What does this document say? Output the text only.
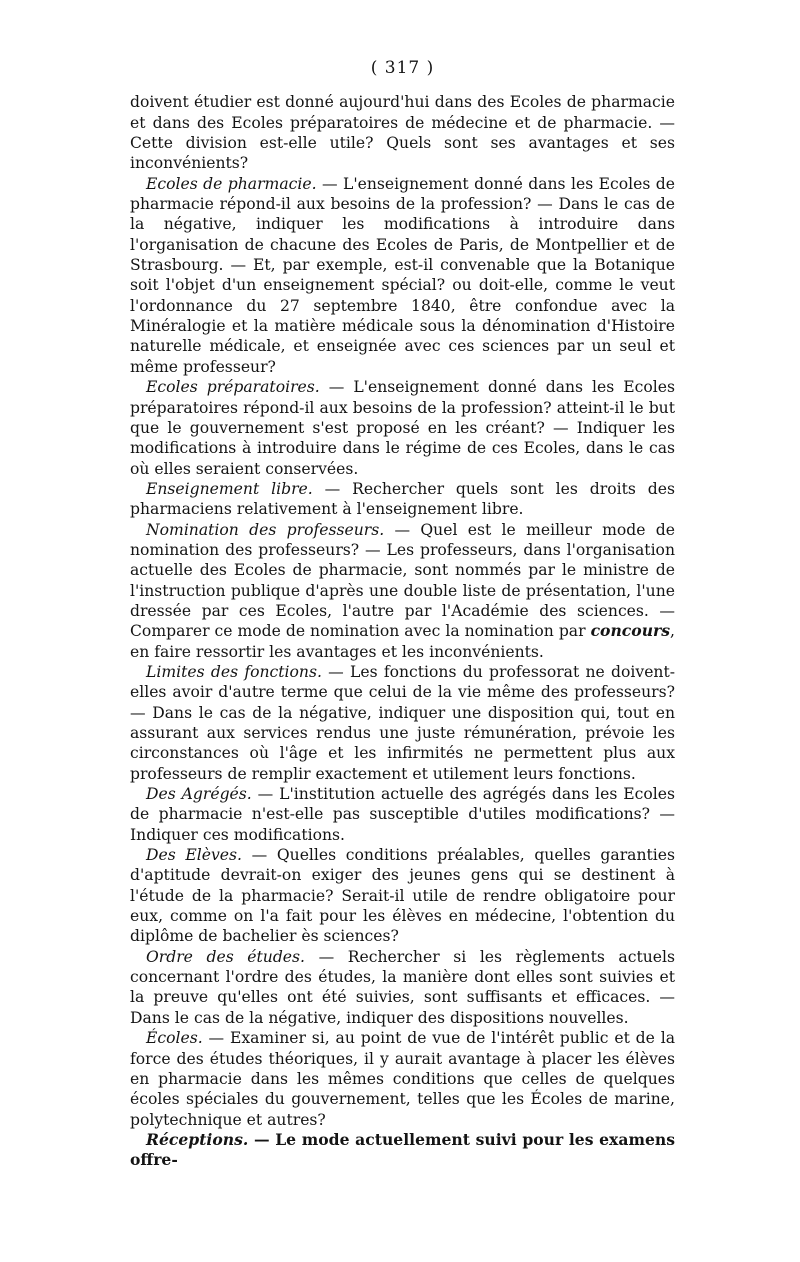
( 317 )

doivent étudier est donné aujourd'hui dans des Ecoles de pharmacie et dans des Ecoles préparatoires de médecine et de pharmacie. — Cette division est-elle utile? Quels sont ses avantages et ses inconvénients?

Ecoles de pharmacie. — L'enseignement donné dans les Ecoles de pharmacie répond-il aux besoins de la profession? — Dans le cas de la négative, indiquer les modifications à introduire dans l'organisation de chacune des Ecoles de Paris, de Montpellier et de Strasbourg. — Et, par exemple, est-il convenable que la Botanique soit l'objet d'un enseignement spécial? ou doit-elle, comme le veut l'ordonnance du 27 septembre 1840, être confondue avec la Minéralogie et la matière médicale sous la dénomination d'Histoire naturelle médicale, et enseignée avec ces sciences par un seul et même professeur?

Ecoles préparatoires. — L'enseignement donné dans les Ecoles préparatoires répond-il aux besoins de la profession? atteint-il le but que le gouvernement s'est proposé en les créant? — Indiquer les modifications à introduire dans le régime de ces Ecoles, dans le cas où elles seraient conservées.

Enseignement libre. — Rechercher quels sont les droits des pharmaciens relativement à l'enseignement libre.

Nomination des professeurs. — Quel est le meilleur mode de nomination des professeurs? — Les professeurs, dans l'organisation actuelle des Ecoles de pharmacie, sont nommés par le ministre de l'instruction publique d'après une double liste de présentation, l'une dressée par ces Ecoles, l'autre par l'Académie des sciences. — Comparer ce mode de nomination avec la nomination par concours, en faire ressortir les avantages et les inconvénients.

Limites des fonctions. — Les fonctions du professorat ne doivent-elles avoir d'autre terme que celui de la vie même des professeurs? — Dans le cas de la négative, indiquer une disposition qui, tout en assurant aux services rendus une juste rémunération, prévoie les circonstances où l'âge et les infirmités ne permettent plus aux professeurs de remplir exactement et utilement leurs fonctions.

Des Agrégés. — L'institution actuelle des agrégés dans les Ecoles de pharmacie n'est-elle pas susceptible d'utiles modifications? — Indiquer ces modifications.

Des Elèves. — Quelles conditions préalables, quelles garanties d'aptitude devrait-on exiger des jeunes gens qui se destinent à l'étude de la pharmacie? Serait-il utile de rendre obligatoire pour eux, comme on l'a fait pour les élèves en médecine, l'obtention du diplôme de bachelier ès sciences?

Ordre des études. — Rechercher si les règlements actuels concernant l'ordre des études, la manière dont elles sont suivies et la preuve qu'elles ont été suivies, sont suffisants et efficaces. — Dans le cas de la négative, indiquer des dispositions nouvelles.

Écoles. — Examiner si, au point de vue de l'intérêt public et de la force des études théoriques, il y aurait avantage à placer les élèves en pharmacie dans les mêmes conditions que celles de quelques écoles spéciales du gouvernement, telles que les Écoles de marine, polytechnique et autres?

Réceptions. — Le mode actuellement suivi pour les examens offre-
